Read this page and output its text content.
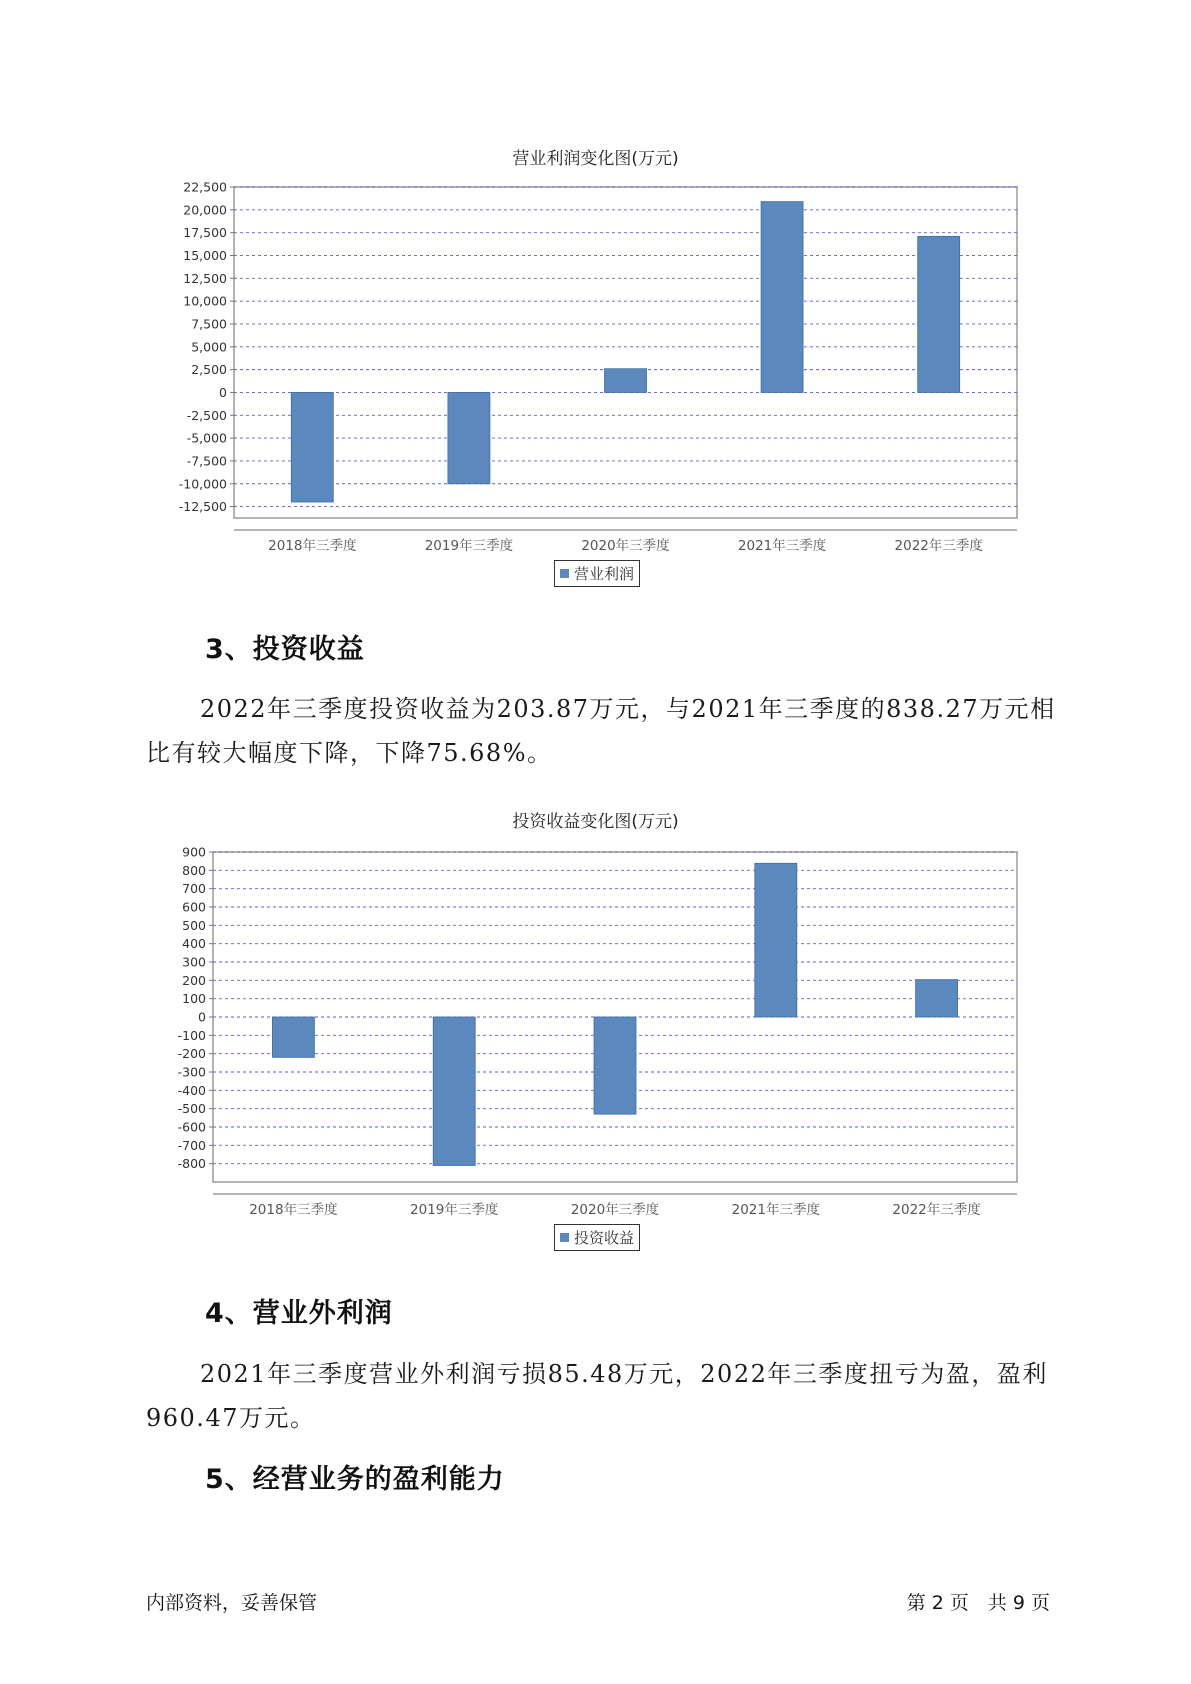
营业利润变化图(万元)
22,500
20,000
17,500
15,000
12,500
10,000
7,500
5,000
2,500
0
-2,500
-5,000
-7,500
-10,000
-12,500
2018年三季度	2019年三季度	2020年三季度	2021年三季度	2022年三季度
营业利润
3、投资收益
2022年三季度投资收益为203.87万元，与2021年三季度的838.27万元相比有较大幅度下降，下降75.68%。
投资收益变化图(万元)
900
800
700
600
500
400
300
200
100
0
-100
-200
-300
-400
-500
-600
-700
-800
2018年三季度	2019年三季度	2020年三季度	2021年三季度	2022年三季度
投资收益
4、营业外利润
2021年三季度营业外利润亏损85.48万元，2022年三季度扭亏为盈，盈利960.47万元。
5、经营业务的盈利能力
内部资料，妥善保管	第 2 页　共 9 页
